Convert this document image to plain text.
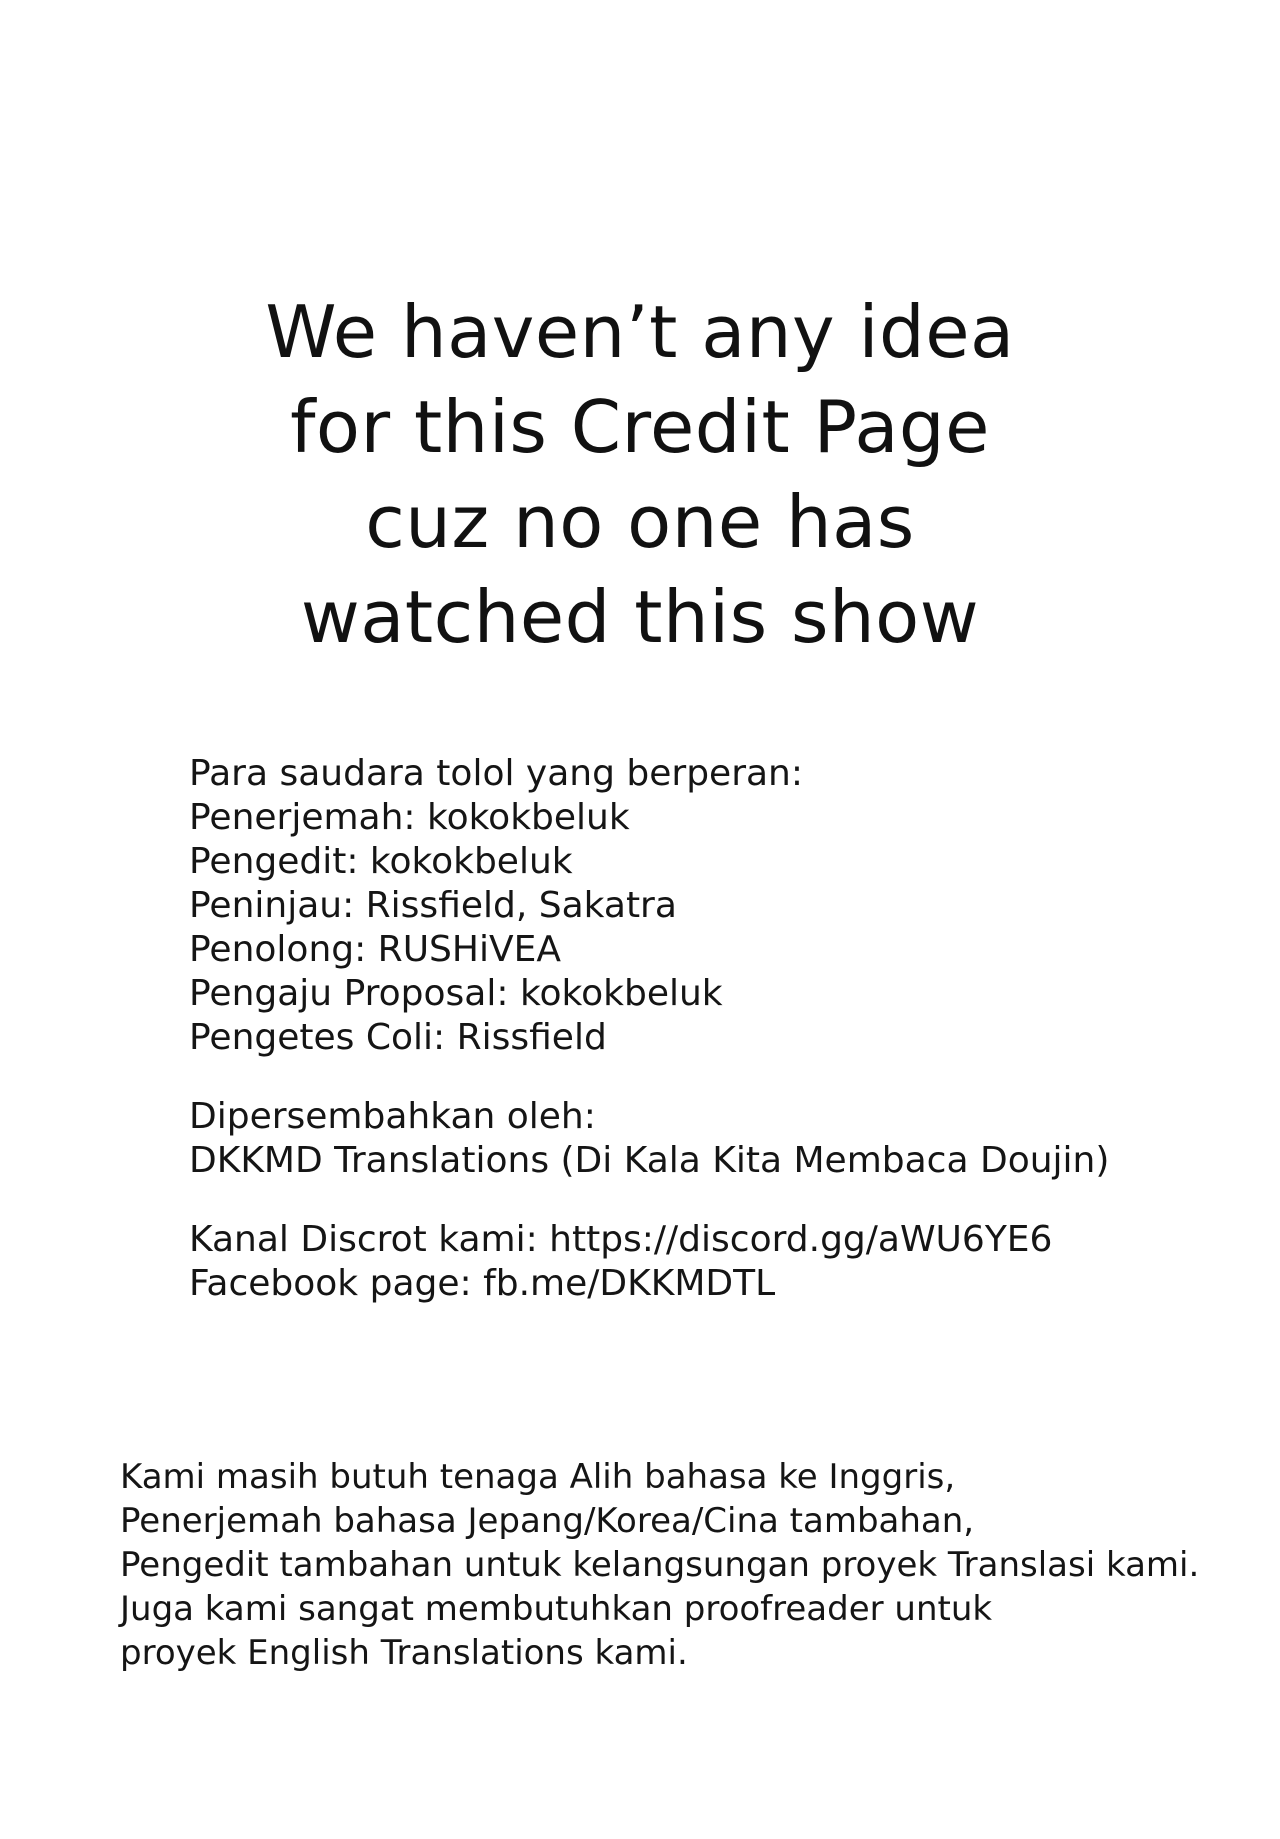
We haven’t any idea
for this Credit Page
cuz no one has
watched this show
Para saudara tolol yang berperan:
Penerjemah: kokokbeluk
Pengedit: kokokbeluk
Peninjau: Rissfield, Sakatra
Penolong: RUSHiVEA
Pengaju Proposal: kokokbeluk
Pengetes Coli: Rissfield
Dipersembahkan oleh:
DKKMD Translations (Di Kala Kita Membaca Doujin)
Kanal Discrot kami: https://discord.gg/aWU6YE6
Facebook page: fb.me/DKKMDTL
Kami masih butuh tenaga Alih bahasa ke Inggris,
Penerjemah bahasa Jepang/Korea/Cina tambahan,
Pengedit tambahan untuk kelangsungan proyek Translasi kami.
Juga kami sangat membutuhkan proofreader untuk
proyek English Translations kami.
